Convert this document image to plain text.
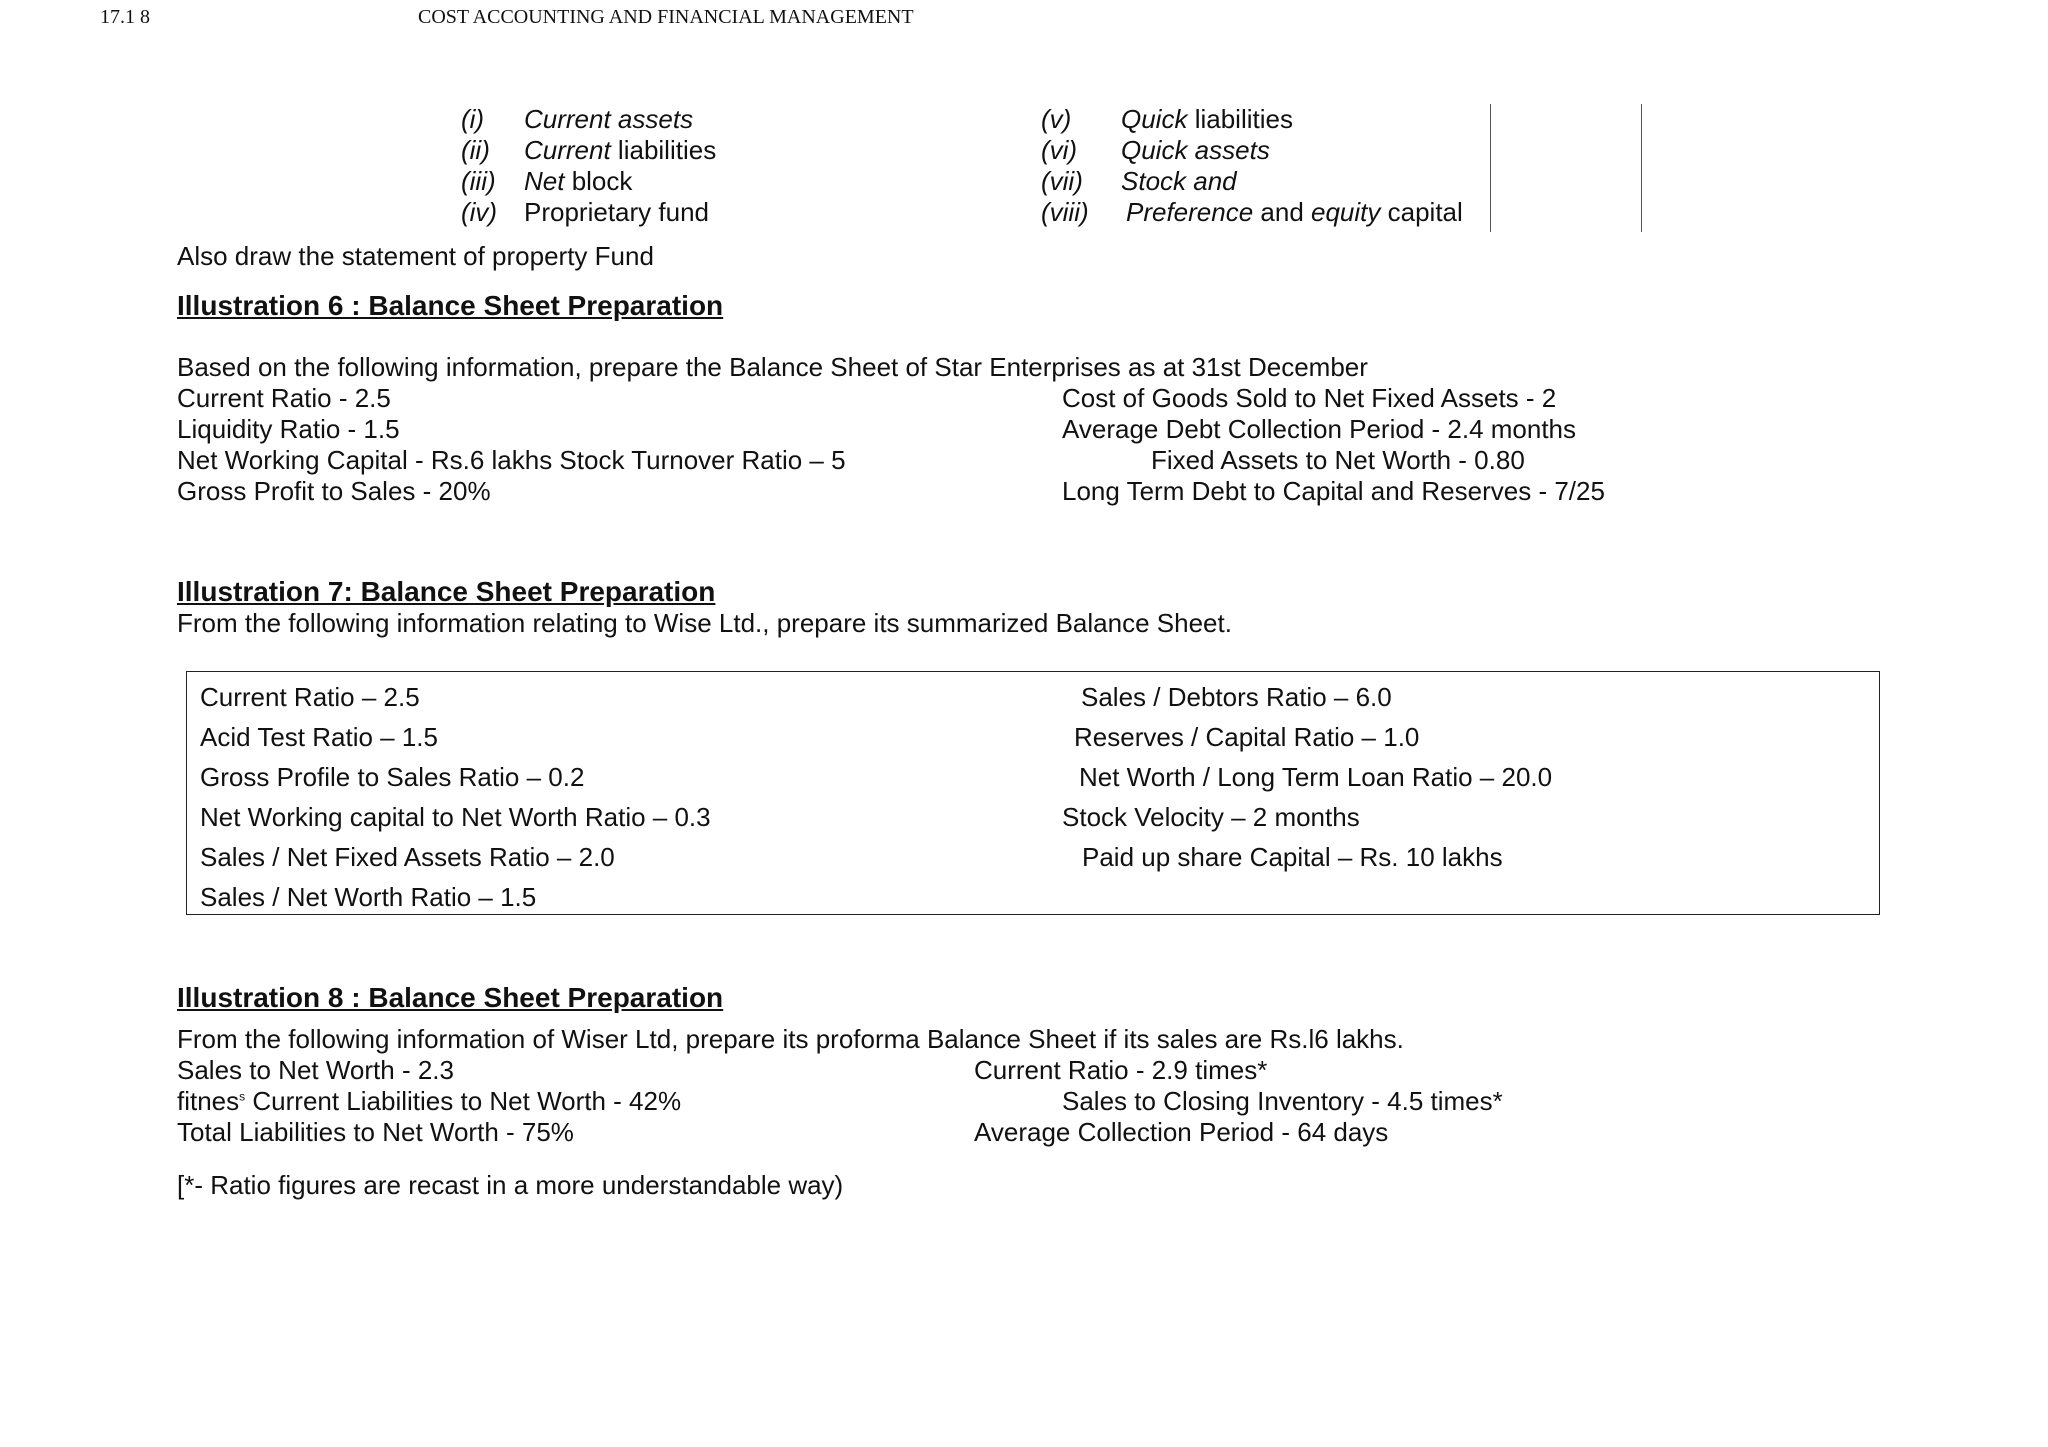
17.1 8	COST ACCOUNTING AND FINANCIAL MANAGEMENT
(i) Current assets
(ii) Current liabilities
(iii) Net block
(iv) Proprietary fund
(v) Quick liabilities
(vi) Quick assets
(vii) Stock and
(viii) Preference and equity capital
Also draw the statement of property Fund
Illustration 6 : Balance Sheet Preparation
Based on the following information, prepare the Balance Sheet of Star Enterprises as at 31st December
Current Ratio - 2.5
Liquidity Ratio - 1.5
Net Working Capital - Rs.6 lakhs Stock Turnover Ratio – 5
Gross Profit to Sales - 20%
Cost of Goods Sold to Net Fixed Assets - 2
Average Debt Collection Period - 2.4 months
Fixed Assets to Net Worth - 0.80
Long Term Debt to Capital and Reserves - 7/25
Illustration 7: Balance Sheet Preparation
From the following information relating to Wise Ltd., prepare its summarized Balance Sheet.
Current Ratio – 2.5
Acid Test Ratio – 1.5
Gross Profile to Sales Ratio – 0.2
Net Working capital to Net Worth Ratio – 0.3
Sales / Net Fixed Assets Ratio – 2.0
Sales / Net Worth Ratio – 1.5
Sales / Debtors Ratio – 6.0
Reserves / Capital Ratio – 1.0
Net Worth / Long Term Loan Ratio – 20.0
Stock Velocity – 2 months
Paid up share Capital – Rs. 10 lakhs
Illustration 8 : Balance Sheet Preparation
From the following information of Wiser Ltd, prepare its proforma Balance Sheet if its sales are Rs.l6 lakhs.
Sales to Net Worth - 2.3
fitnes$^s$ Current Liabilities to Net Worth - 42%
Total Liabilities to Net Worth - 75%
Current Ratio - 2.9 times*
Sales to Closing Inventory - 4.5 times*
Average Collection Period - 64 days
[*- Ratio figures are recast in a more understandable way)
